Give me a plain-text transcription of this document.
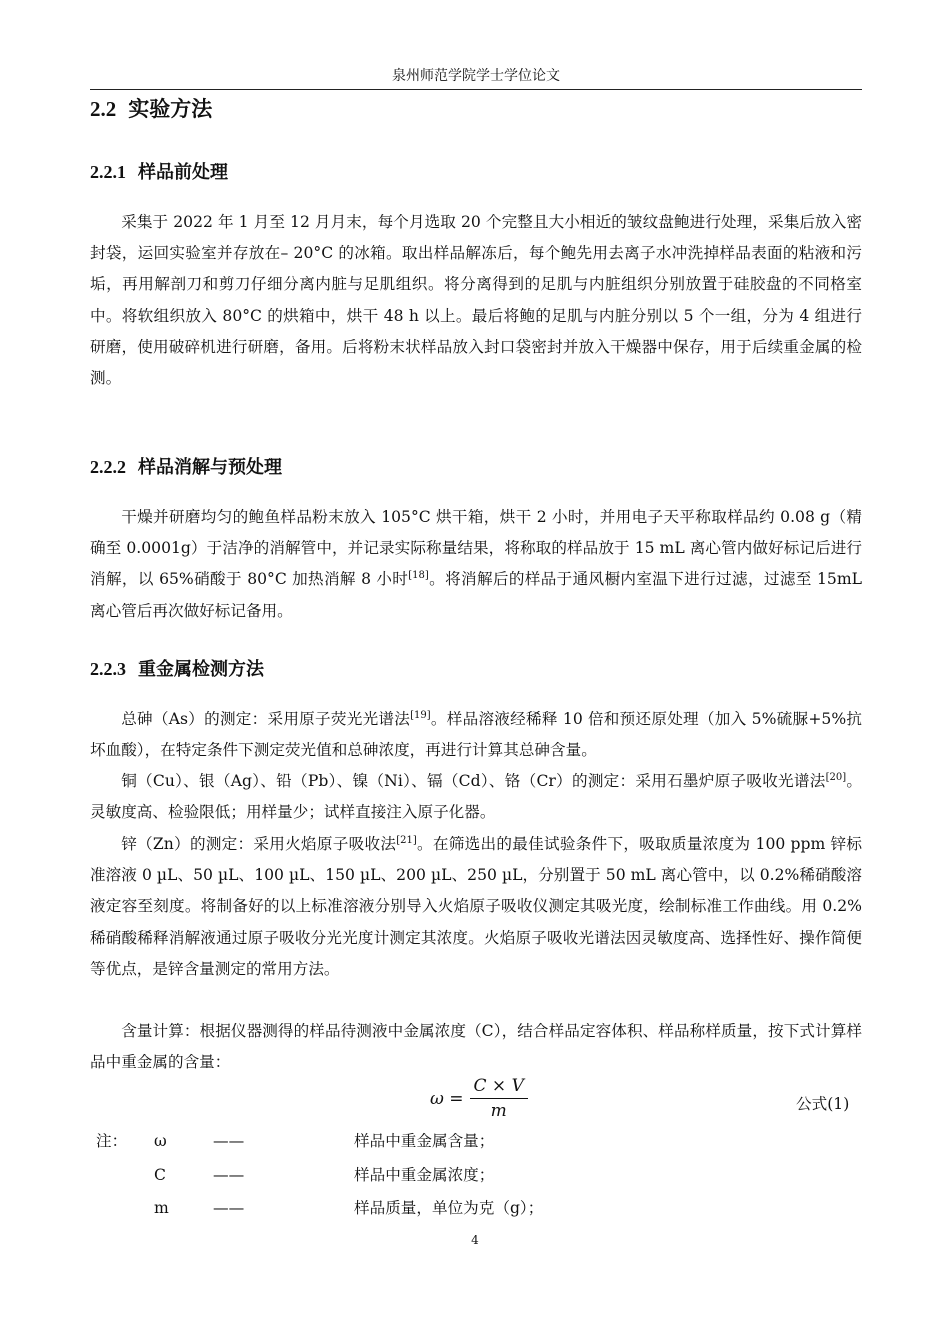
泉州师范学院学士学位论文
2.2 实验方法
2.2.1 样品前处理

采集于 2022 年 1 月至 12 月月末，每个月选取 20 个完整且大小相近的皱纹盘鲍进行处理，采集后放入密封袋，运回实验室并存放在– 20°C 的冰箱。取出样品解冻后，每个鲍先用去离子水冲洗掉样品表面的粘液和污垢，再用解剖刀和剪刀仔细分离内脏与足肌组织。将分离得到的足肌与内脏组织分别放置于硅胶盘的不同格室中。将软组织放入 80°C 的烘箱中，烘干 48 h 以上。最后将鲍的足肌与内脏分别以 5 个一组，分为 4 组进行研磨，使用破碎机进行研磨，备用。后将粉末状样品放入封口袋密封并放入干燥器中保存，用于后续重金属的检测。

2.2.2 样品消解与预处理

干燥并研磨均匀的鲍鱼样品粉末放入 105°C 烘干箱，烘干 2 小时，并用电子天平称取样品约 0.08 g（精确至 0.0001g）于洁净的消解管中，并记录实际称量结果，将称取的样品放于 15 mL 离心管内做好标记后进行消解，以 65%硝酸于 80°C 加热消解 8 小时[18]。将消解后的样品于通风橱内室温下进行过滤，过滤至 15mL 离心管后再次做好标记备用。

2.2.3 重金属检测方法

总砷（As）的测定：采用原子荧光光谱法[19]。样品溶液经稀释 10 倍和预还原处理（加入 5%硫脲+5%抗坏血酸），在特定条件下测定荧光值和总砷浓度，再进行计算其总砷含量。

铜（Cu）、银（Ag）、铅（Pb）、镍（Ni）、镉（Cd）、铬（Cr）的测定：采用石墨炉原子吸收光谱法[20]。灵敏度高、检验限低；用样量少；试样直接注入原子化器。

锌（Zn）的测定：采用火焰原子吸收法[21]。在筛选出的最佳试验条件下，吸取质量浓度为 100 ppm 锌标准溶液 0 µL、50 µL、100 µL、150 µL、200 µL、250 µL，分别置于 50 mL 离心管中，以 0.2%稀硝酸溶液定容至刻度。将制备好的以上标准溶液分别导入火焰原子吸收仪测定其吸光度，绘制标准工作曲线。用 0.2%稀硝酸稀释消解液通过原子吸收分光光度计测定其浓度。火焰原子吸收光谱法因灵敏度高、选择性好、操作简便等优点，是锌含量测定的常用方法。

含量计算：根据仪器测得的样品待测液中金属浓度（C），结合样品定容体积、样品称样质量，按下式计算样品中重金属的含量：

$\omega = \frac{C \times V}{m}$	公式(1)
注： ω	——	样品中重金属含量；
C	——	样品中重金属浓度；
m	——	样品质量，单位为克（g）；
4
